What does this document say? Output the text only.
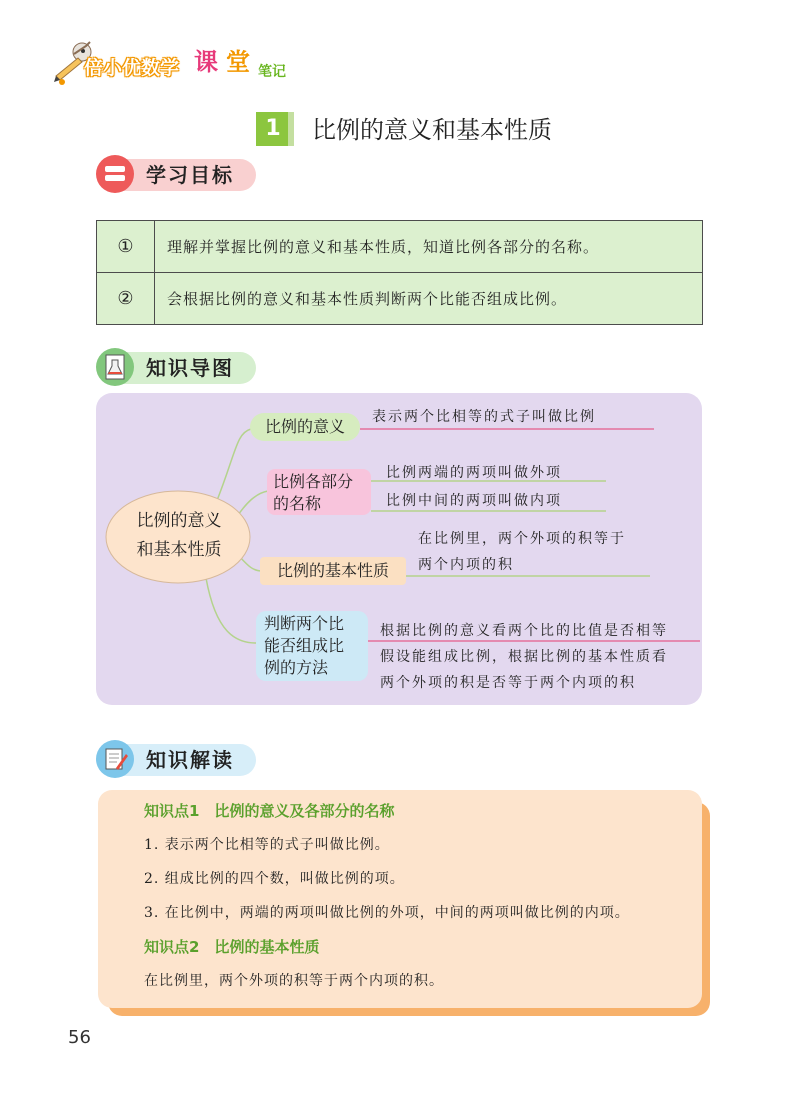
倍小优数学 课 堂 笔记
1	比例的意义和基本性质
学习目标
①	理解并掌握比例的意义和基本性质，知道比例各部分的名称。
②	会根据比例的意义和基本性质判断两个比能否组成比例。
知识导图
比例的意义
和基本性质
比例的意义	表示两个比相等的式子叫做比例
比例各部分
的名称
比例两端的两项叫做外项
比例中间的两项叫做内项
比例的基本性质
在比例里，两个外项的积等于
两个内项的积
判断两个比
能否组成比
例的方法
根据比例的意义看两个比的比值是否相等
假设能组成比例，根据比例的基本性质看
两个外项的积是否等于两个内项的积
知识解读
知识点1　比例的意义及各部分的名称
1. 表示两个比相等的式子叫做比例。
2. 组成比例的四个数，叫做比例的项。
3. 在比例中，两端的两项叫做比例的外项，中间的两项叫做比例的内项。
知识点2　比例的基本性质
在比例里，两个外项的积等于两个内项的积。
56
